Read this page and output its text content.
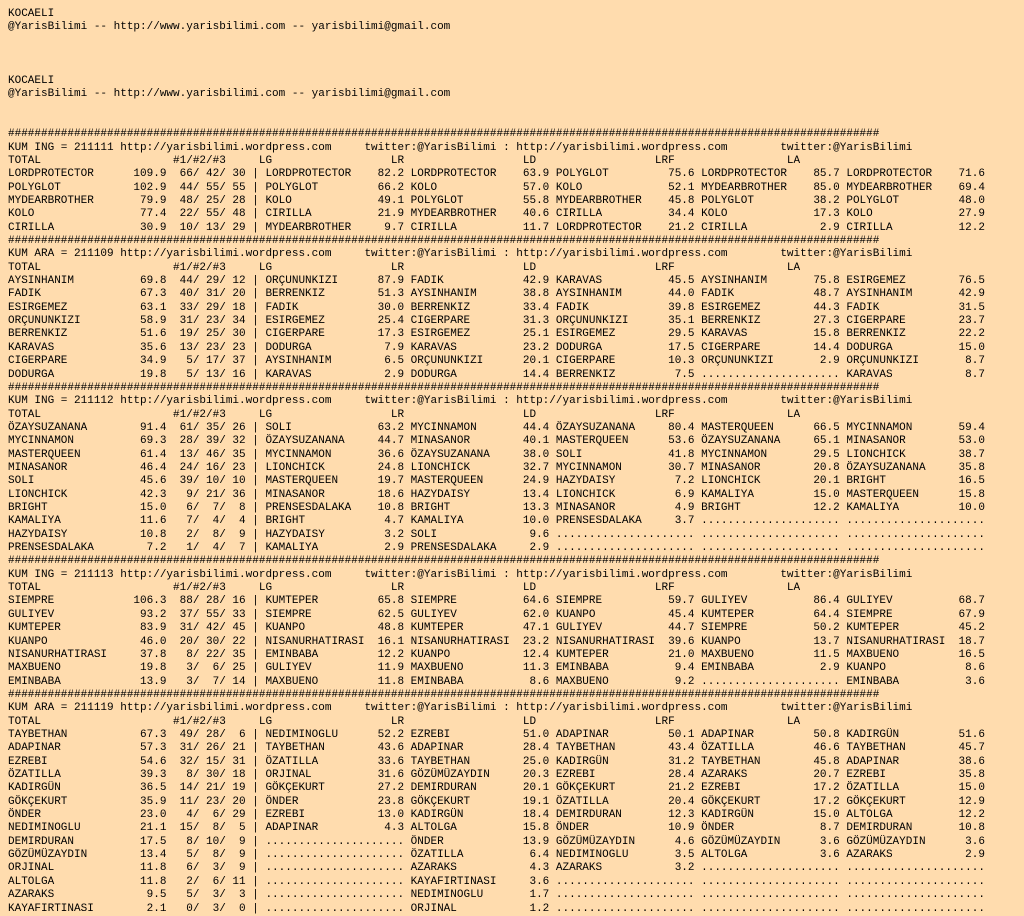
KOCAELI
@YarisBilimi -- http://www.yarisbilimi.com -- yarisbilimi@gmail.com
KOCAELI
@YarisBilimi -- http://www.yarisbilimi.com -- yarisbilimi@gmail.com
####################################################################################################################################
KUM ING = 211111 http://yarisbilimi.wordpress.com     twitter:@YarisBilimi : http://yarisbilimi.wordpress.com        twitter:@YarisBilimi
TOTAL                    #1/#2/#3     LG                  LR                  LD                  LRF                 LA
LORDPROTECTOR      109.9  66/ 42/ 30 | LORDPROTECTOR    82.2 LORDPROTECTOR    63.9 POLYGLOT         75.6 LORDPROTECTOR    85.7 LORDPROTECTOR    71.6
POLYGLOT           102.9  44/ 55/ 55 | POLYGLOT         66.2 KOLO             57.0 KOLO             52.1 MYDEARBROTHER    85.0 MYDEARBROTHER    69.4
MYDEARBROTHER       79.9  48/ 25/ 28 | KOLO             49.1 POLYGLOT         55.8 MYDEARBROTHER    45.8 POLYGLOT         38.2 POLYGLOT         48.0
KOLO                77.4  22/ 55/ 48 | CIRILLA          21.9 MYDEARBROTHER    40.6 CIRILLA          34.4 KOLO             17.3 KOLO             27.9
CIRILLA             30.9  10/ 13/ 29 | MYDEARBROTHER     9.7 CIRILLA          11.7 LORDPROTECTOR    21.2 CIRILLA           2.9 CIRILLA          12.2
####################################################################################################################################
KUM ARA = 211109 http://yarisbilimi.wordpress.com     twitter:@YarisBilimi : http://yarisbilimi.wordpress.com        twitter:@YarisBilimi
TOTAL                    #1/#2/#3     LG                  LR                  LD                  LRF                 LA
AYSINHANIM          69.8  44/ 29/ 12 | ORÇUNUNKIZI      87.9 FADIK            42.9 KARAVAS          45.5 AYSINHANIM       75.8 ESIRGEMEZ        76.5
FADIK               67.3  40/ 31/ 20 | BERRENKIZ        51.3 AYSINHANIM       38.8 AYSINHANIM       44.0 FADIK            48.7 AYSINHANIM       42.9
ESIRGEMEZ           63.1  33/ 29/ 18 | FADIK            30.0 BERRENKIZ        33.4 FADIK            39.8 ESIRGEMEZ        44.3 FADIK            31.5
ORÇUNUNKIZI         58.9  31/ 23/ 34 | ESIRGEMEZ        25.4 CIGERPARE        31.3 ORÇUNUNKIZI      35.1 BERRENKIZ        27.3 CIGERPARE        23.7
BERRENKIZ           51.6  19/ 25/ 30 | CIGERPARE        17.3 ESIRGEMEZ        25.1 ESIRGEMEZ        29.5 KARAVAS          15.8 BERRENKIZ        22.2
KARAVAS             35.6  13/ 23/ 23 | DODURGA           7.9 KARAVAS          23.2 DODURGA          17.5 CIGERPARE        14.4 DODURGA          15.0
CIGERPARE           34.9   5/ 17/ 37 | AYSINHANIM        6.5 ORÇUNUNKIZI      20.1 CIGERPARE        10.3 ORÇUNUNKIZI       2.9 ORÇUNUNKIZI       8.7
DODURGA             19.8   5/ 13/ 16 | KARAVAS           2.9 DODURGA          14.4 BERRENKIZ         7.5 ..................... KARAVAS           8.7
####################################################################################################################################
KUM ING = 211112 http://yarisbilimi.wordpress.com     twitter:@YarisBilimi : http://yarisbilimi.wordpress.com        twitter:@YarisBilimi
TOTAL                    #1/#2/#3     LG                  LR                  LD                  LRF                 LA
ÖZAYSUZANANA        91.4  61/ 35/ 26 | SOLI             63.2 MYCINNAMON       44.4 ÖZAYSUZANANA     80.4 MASTERQUEEN      66.5 MYCINNAMON       59.4
MYCINNAMON          69.3  28/ 39/ 32 | ÖZAYSUZANANA     44.7 MINASANOR        40.1 MASTERQUEEN      53.6 ÖZAYSUZANANA     65.1 MINASANOR        53.0
MASTERQUEEN         61.4  13/ 46/ 35 | MYCINNAMON       36.6 ÖZAYSUZANANA     38.0 SOLI             41.8 MYCINNAMON       29.5 LIONCHICK        38.7
MINASANOR           46.4  24/ 16/ 23 | LIONCHICK        24.8 LIONCHICK        32.7 MYCINNAMON       30.7 MINASANOR        20.8 ÖZAYSUZANANA     35.8
SOLI                45.6  39/ 10/ 10 | MASTERQUEEN      19.7 MASTERQUEEN      24.9 HAZYDAISY         7.2 LIONCHICK        20.1 BRIGHT           16.5
LIONCHICK           42.3   9/ 21/ 36 | MINASANOR        18.6 HAZYDAISY        13.4 LIONCHICK         6.9 KAMALIYA         15.0 MASTERQUEEN      15.8
BRIGHT              15.0   6/  7/  8 | PRENSESDALAKA    10.8 BRIGHT           13.3 MINASANOR         4.9 BRIGHT           12.2 KAMALIYA         10.0
KAMALIYA            11.6   7/  4/  4 | BRIGHT            4.7 KAMALIYA         10.0 PRENSESDALAKA     3.7 ..................... .....................
HAZYDAISY           10.8   2/  8/  9 | HAZYDAISY         3.2 SOLI              9.6 ..................... ..................... .....................
PRENSESDALAKA        7.2   1/  4/  7 | KAMALIYA          2.9 PRENSESDALAKA     2.9 ..................... ..................... .....................
####################################################################################################################################
KUM ING = 211113 http://yarisbilimi.wordpress.com     twitter:@YarisBilimi : http://yarisbilimi.wordpress.com        twitter:@YarisBilimi
TOTAL                    #1/#2/#3     LG                  LR                  LD                  LRF                 LA
SIEMPRE            106.3  88/ 28/ 16 | KUMTEPER         65.8 SIEMPRE          64.6 SIEMPRE          59.7 GULIYEV          86.4 GULIYEV          68.7
GULIYEV             93.2  37/ 55/ 33 | SIEMPRE          62.5 GULIYEV          62.0 KUANPO           45.4 KUMTEPER         64.4 SIEMPRE          67.9
KUMTEPER            83.9  31/ 42/ 45 | KUANPO           48.8 KUMTEPER         47.1 GULIYEV          44.7 SIEMPRE          50.2 KUMTEPER         45.2
KUANPO              46.0  20/ 30/ 22 | NISANURHATIRASI  16.1 NISANURHATIRASI  23.2 NISANURHATIRASI  39.6 KUANPO           13.7 NISANURHATIRASI  18.7
NISANURHATIRASI     37.8   8/ 22/ 35 | EMINBABA         12.2 KUANPO           12.4 KUMTEPER         21.0 MAXBUENO         11.5 MAXBUENO         16.5
MAXBUENO            19.8   3/  6/ 25 | GULIYEV          11.9 MAXBUENO         11.3 EMINBABA          9.4 EMINBABA          2.9 KUANPO            8.6
EMINBABA            13.9   3/  7/ 14 | MAXBUENO         11.8 EMINBABA          8.6 MAXBUENO          9.2 ..................... EMINBABA          3.6
####################################################################################################################################
KUM ARA = 211119 http://yarisbilimi.wordpress.com     twitter:@YarisBilimi : http://yarisbilimi.wordpress.com        twitter:@YarisBilimi
TOTAL                    #1/#2/#3     LG                  LR                  LD                  LRF                 LA
TAYBETHAN           67.3  49/ 28/  6 | NEDIMINOGLU      52.2 EZREBI           51.0 ADAPINAR         50.1 ADAPINAR         50.8 KADIRGÜN         51.6
ADAPINAR            57.3  31/ 26/ 21 | TAYBETHAN        43.6 ADAPINAR         28.4 TAYBETHAN        43.4 ÖZATILLA         46.6 TAYBETHAN        45.7
EZREBI              54.6  32/ 15/ 31 | ÖZATILLA         33.6 TAYBETHAN        25.0 KADIRGÜN         31.2 TAYBETHAN        45.8 ADAPINAR         38.6
ÖZATILLA            39.3   8/ 30/ 18 | ORJINAL          31.6 GÖZÜMÜZAYDIN     20.3 EZREBI           28.4 AZARAKS          20.7 EZREBI           35.8
KADIRGÜN            36.5  14/ 21/ 19 | GÖKÇEKURT        27.2 DEMIRDURAN       20.1 GÖKÇEKURT        21.2 EZREBI           17.2 ÖZATILLA         15.0
GÖKÇEKURT           35.9  11/ 23/ 20 | ÖNDER            23.8 GÖKÇEKURT        19.1 ÖZATILLA         20.4 GÖKÇEKURT        17.2 GÖKÇEKURT        12.9
ÖNDER               23.0   4/  6/ 29 | EZREBI           13.0 KADIRGÜN         18.4 DEMIRDURAN       12.3 KADIRGÜN         15.0 ALTOLGA          12.2
NEDIMINOGLU         21.1  15/  8/  5 | ADAPINAR          4.3 ALTOLGA          15.8 ÖNDER            10.9 ÖNDER             8.7 DEMIRDURAN       10.8
DEMIRDURAN          17.5   8/ 10/  9 | ..................... ÖNDER            13.9 GÖZÜMÜZAYDIN      4.6 GÖZÜMÜZAYDIN      3.6 GÖZÜMÜZAYDIN      3.6
GÖZÜMÜZAYDIN        13.4   5/  8/  9 | ..................... ÖZATILLA          6.4 NEDIMINOGLU       3.5 ALTOLGA           3.6 AZARAKS           2.9
ORJINAL             11.8   6/  3/  9 | ..................... AZARAKS           4.3 AZARAKS           3.2 ..................... .....................
ALTOLGA             11.8   2/  6/ 11 | ..................... KAYAFIRTINASI     3.6 ..................... ..................... .....................
AZARAKS              9.5   5/  3/  3 | ..................... NEDIMINOGLU       1.7 ..................... ..................... .....................
KAYAFIRTINASI        2.1   0/  3/  0 | ..................... ORJINAL           1.2 ..................... ..................... .....................
